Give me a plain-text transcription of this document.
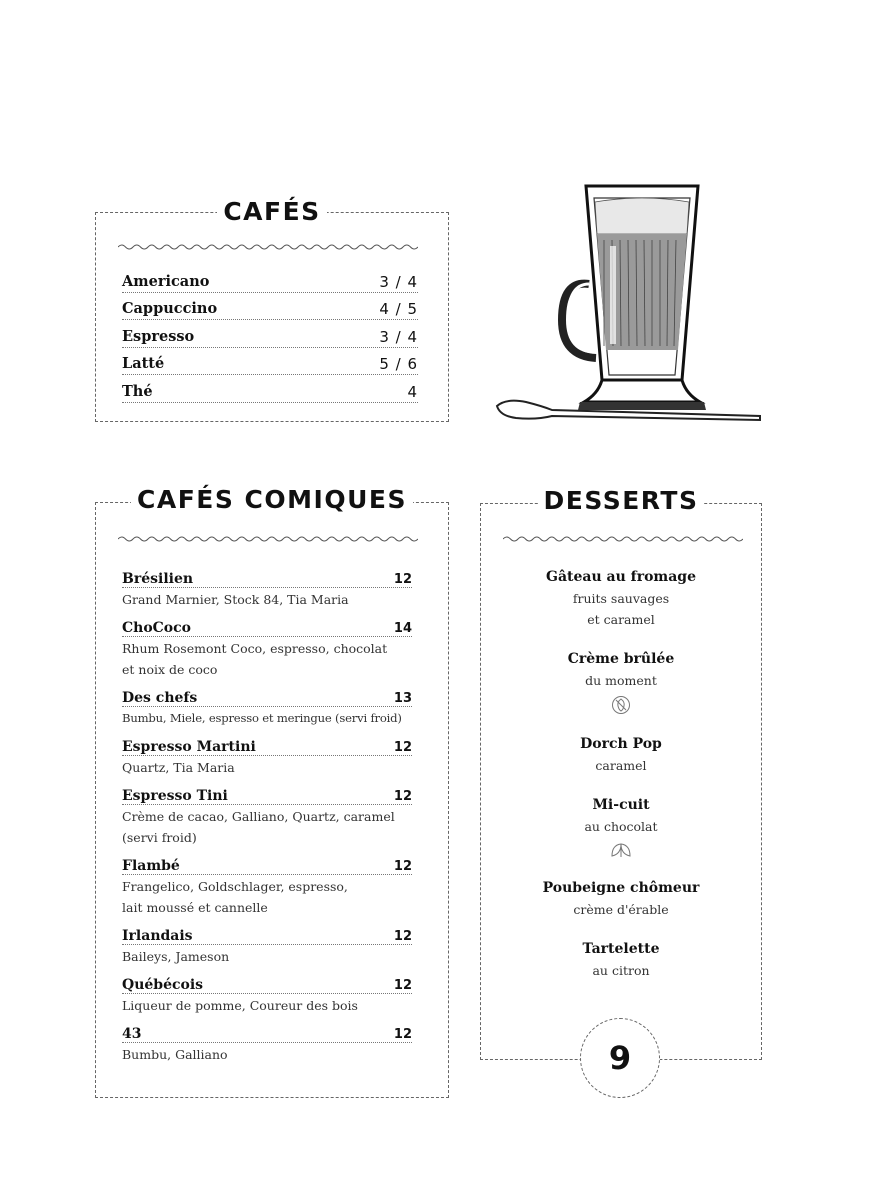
CAFÉS
Americano	3 / 4
Cappuccino	4 / 5
Espresso	3 / 4
Latté	5 / 6
Thé	4
CAFÉS COMIQUES
Brésilien	12
Grand Marnier, Stock 84, Tia Maria
ChoCoco	14
Rhum Rosemont Coco, espresso, chocolat
et noix de coco
Des chefs	13
Bumbu, Miele, espresso et meringue (servi froid)
Espresso Martini	12
Quartz, Tia Maria
Espresso Tini	12
Crème de cacao, Galliano, Quartz, caramel
(servi froid)
Flambé	12
Frangelico, Goldschlager, espresso,
lait moussé et cannelle
Irlandais	12
Baileys, Jameson
Québécois	12
Liqueur de pomme, Coureur des bois
43	12
Bumbu, Galliano
DESSERTS
Gâteau au fromage
fruits sauvages
et caramel
Crème brûlée
du moment
Dorch Pop
caramel
Mi-cuit
au chocolat
Poubeigne chômeur
crème d'érable
Tartelette
au citron
9
